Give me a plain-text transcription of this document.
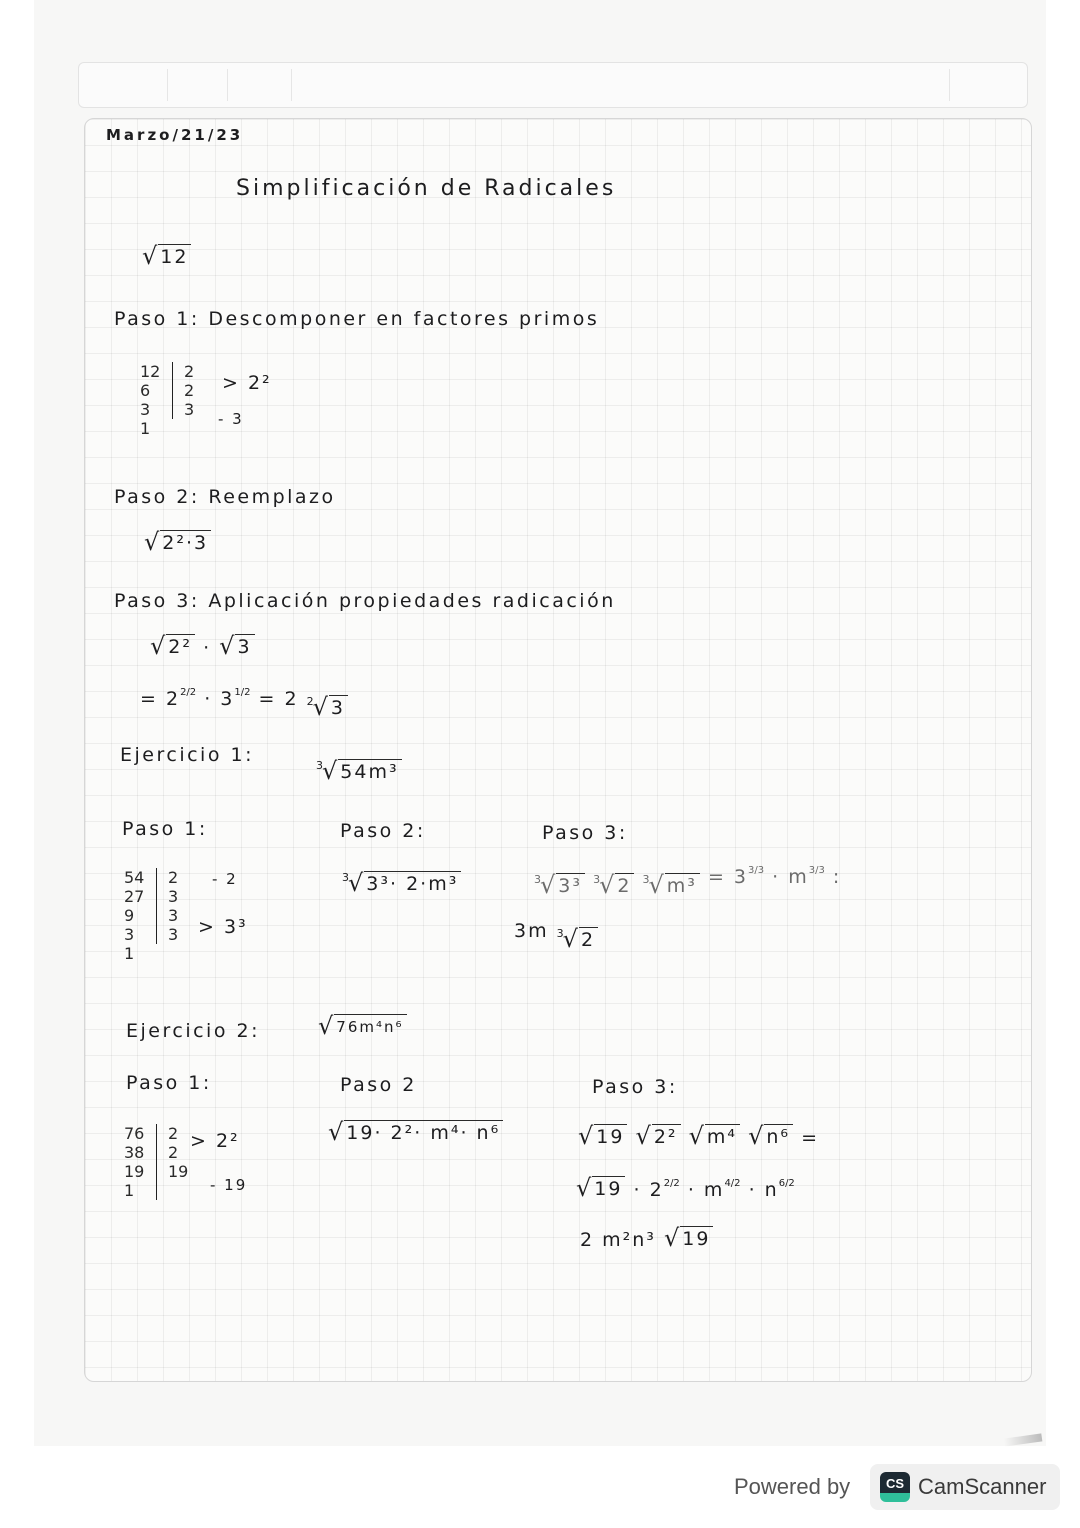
Marzo/21/23
Simplificación de Radicales
√ 12
Paso 1: Descomponer en factores primos
12	2
6	2
3	3
1
> 2²
- 3
Paso 2: Reemplazo
√ 2²·3
Paso 3: Aplicación propiedades radicación
√ 2² · √ 3
= 22/2 · 31/2 = 2 2 √ 3
Ejercicio 1:	3 √ 54m³
Paso 1:
54	2
27	3
9	3
3	3
1
- 2
> 3³
Paso 2:
3 √ 3³· 2·m³
Paso 3:
3 √ 3³
3 √ 2
3 √ m³ = 33/3 · m3/3 :
3m 3 √ 2
Ejercicio 2: √ 76m⁴n⁶
Paso 1:
76	2
38	2
19	19
1
> 2²
- 19
Paso 2
√ 19· 2²· m⁴· n⁶
Paso 3:
√ 19
√ 2²
√ m⁴
√ n⁶ =
√ 19 · 22/2 · m4/2 · n6/2
2 m²n³ √ 19
Powered by	CS CamScanner
